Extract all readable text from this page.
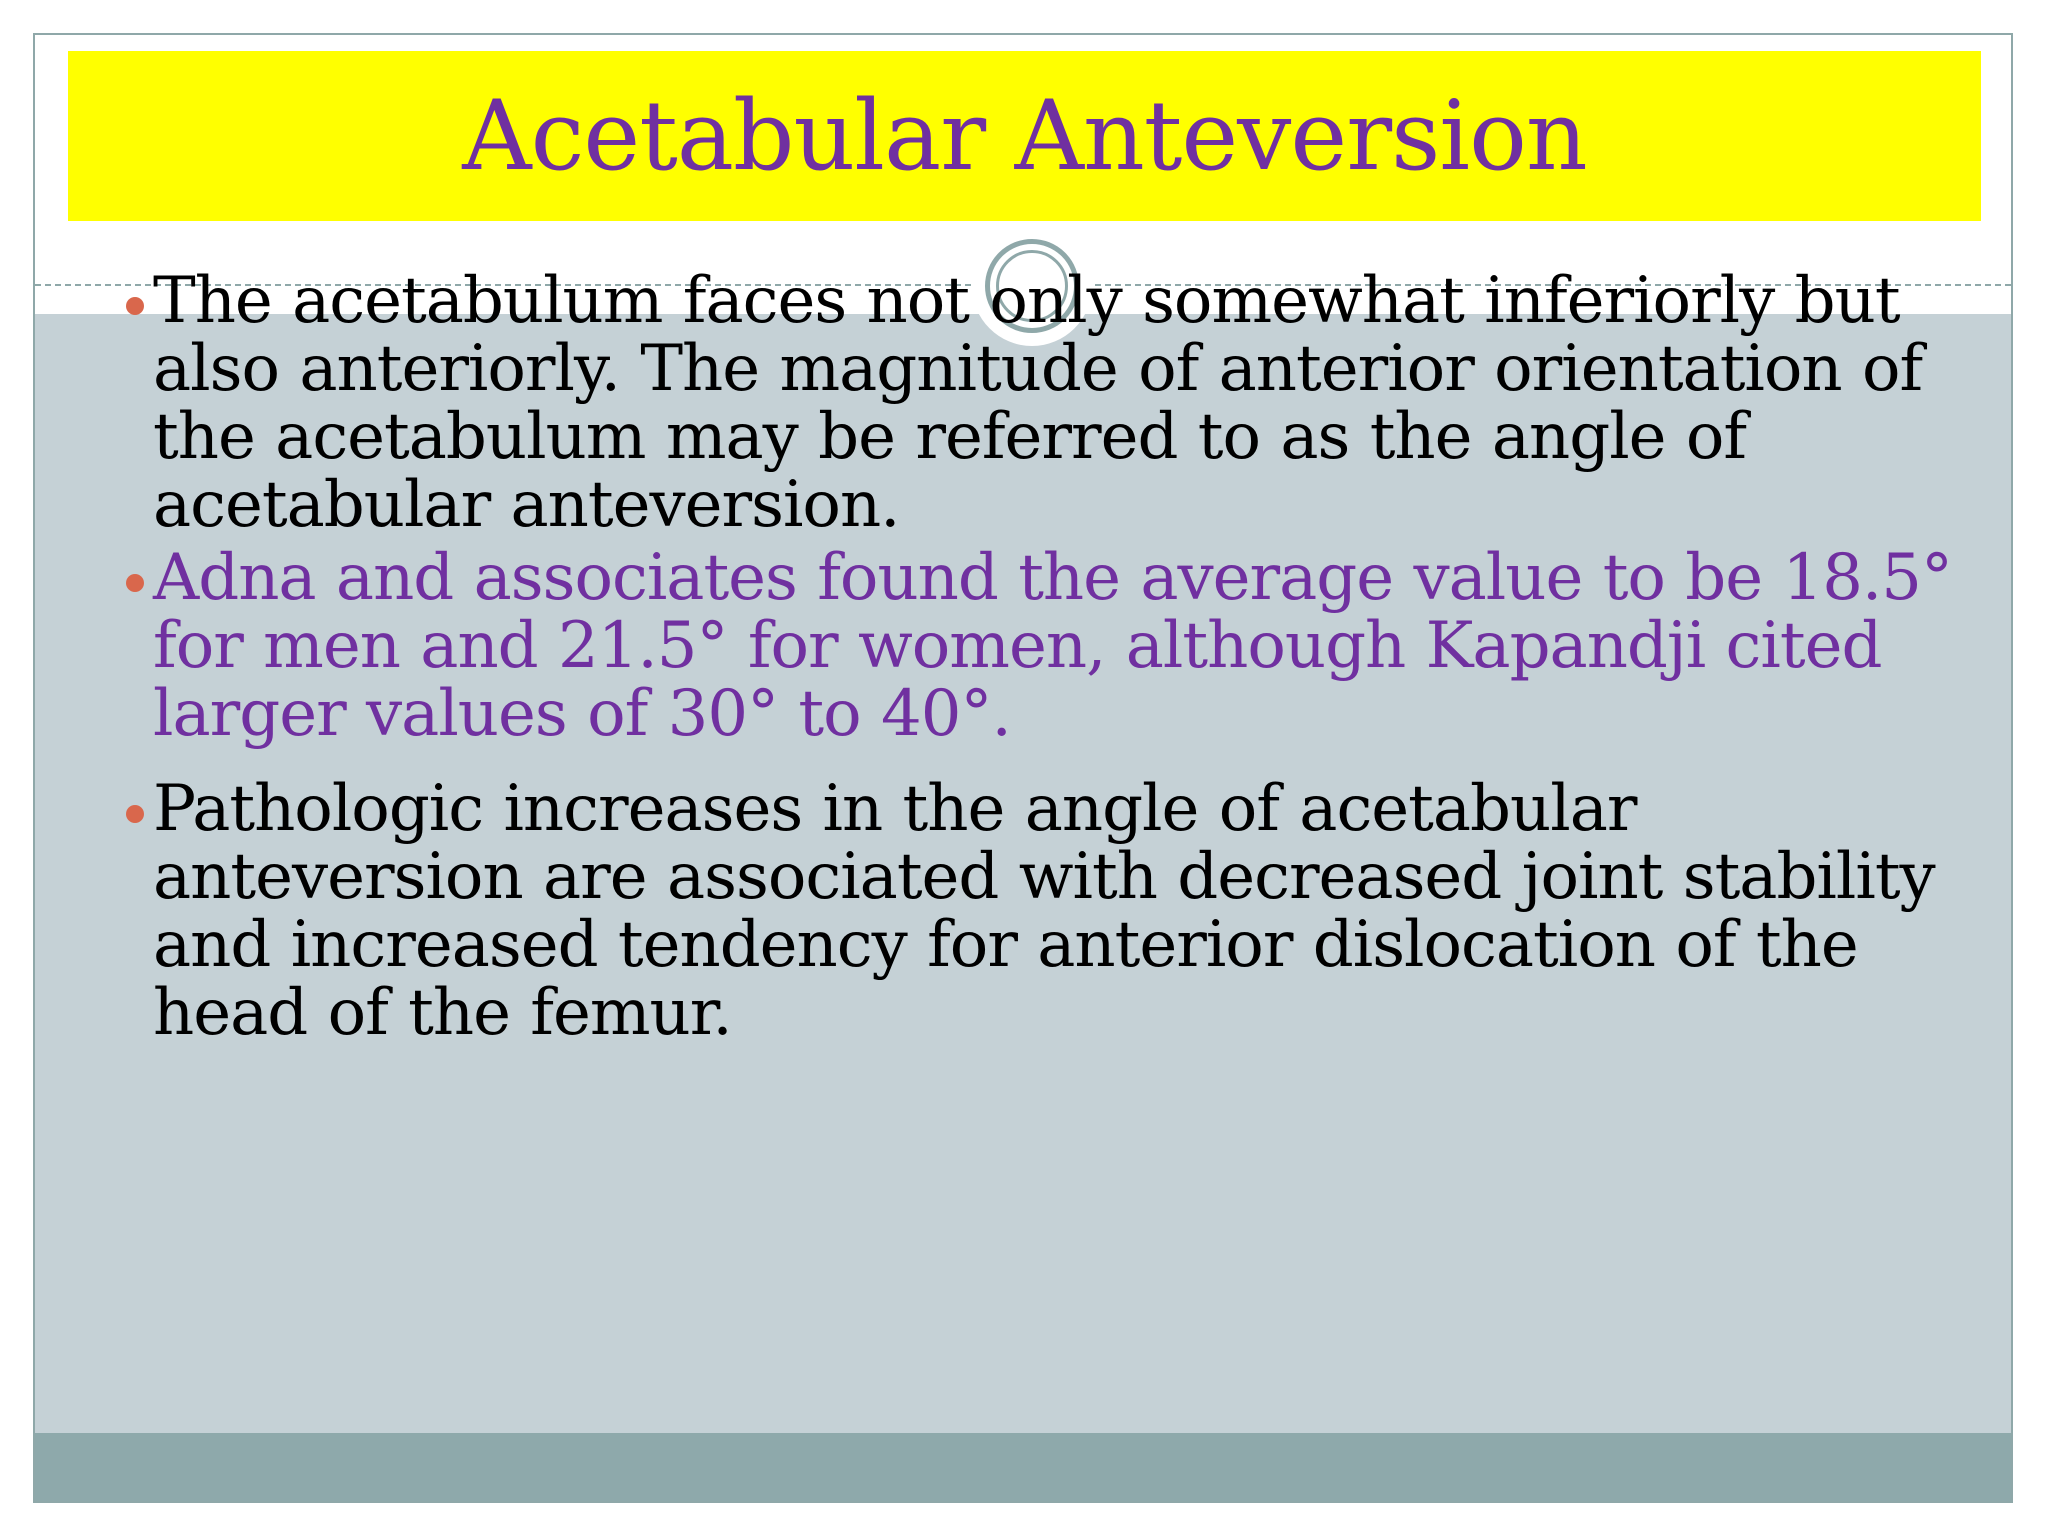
Acetabular Anteversion
The acetabulum faces not only somewhat inferiorly but
also anteriorly. The magnitude of anterior orientation of
the acetabulum may be referred to as the angle of
acetabular anteversion.
Adna and associates found the average value to be 18.5°
for men and 21.5° for women, although Kapandji cited
larger values of 30° to 40°.
Pathologic increases in the angle of acetabular
anteversion are associated with decreased joint stability
and increased tendency for anterior dislocation of the
head of the femur.
